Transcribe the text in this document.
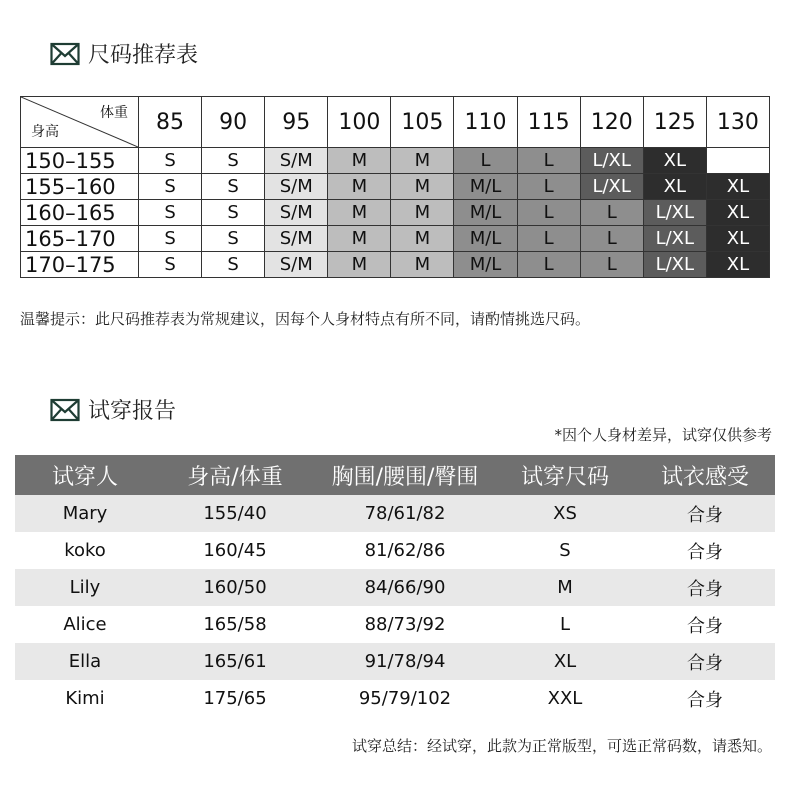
尺码推荐表
体重
身高	85	90	95	100	105	110	115	120	125	130
150–155	S	S	S/M	M	M	L	L	L/XL	XL	
155–160	S	S	S/M	M	M	M/L	L	L/XL	XL	XL
160–165	S	S	S/M	M	M	M/L	L	L	L/XL	XL
165–170	S	S	S/M	M	M	M/L	L	L	L/XL	XL
170–175	S	S	S/M	M	M	M/L	L	L	L/XL	XL
温馨提示：此尺码推荐表为常规建议，因每个人身材特点有所不同，请酌情挑选尺码。
试穿报告
*因个人身材差异，试穿仅供参考
试穿人	身高/体重	胸围/腰围/臀围	试穿尺码	试衣感受
Mary	155/40	78/61/82	XS	合身
koko	160/45	81/62/86	S	合身
Lily	160/50	84/66/90	M	合身
Alice	165/58	88/73/92	L	合身
Ella	165/61	91/78/94	XL	合身
Kimi	175/65	95/79/102	XXL	合身
试穿总结：经试穿，此款为正常版型，可选正常码数，请悉知。
